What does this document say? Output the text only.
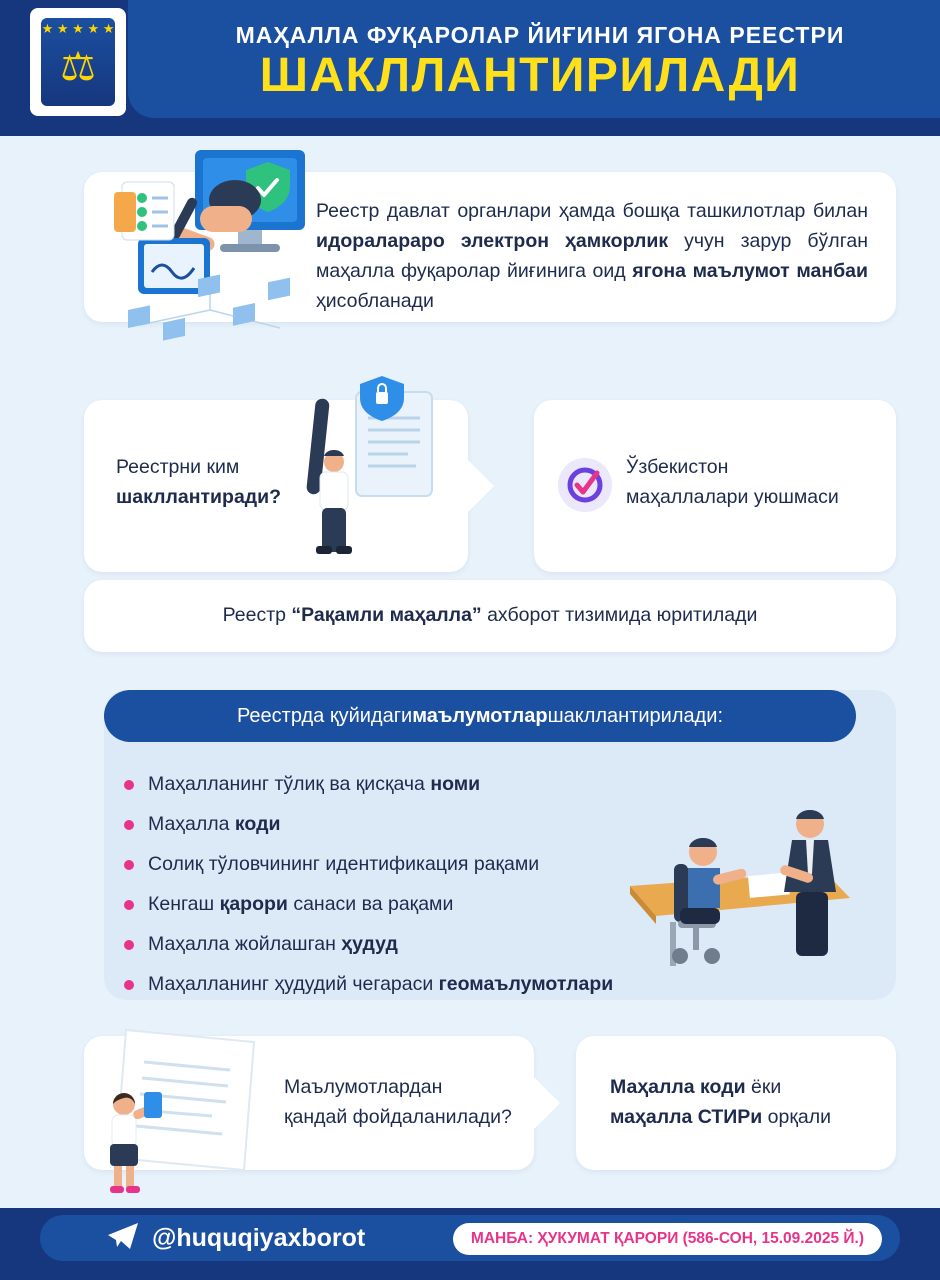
МАҲАЛЛА ФУҚАРОЛАР ЙИҒИНИ ЯГОНА РЕЕСТРИ
ШАКЛЛАНТИРИЛАДИ
★ ★ ★ ★ ★
⚖
Реестр давлат органлари ҳамда бошқа ташкилотлар билан идоралараро электрон ҳамкорлик учун зарур бўлган маҳалла фуқаролар йиғинига оид ягона маълумот манбаи ҳисобланади
Реестрни ким
шакллантиради?
Ўзбекистон
маҳаллалари уюшмаси
Реестр “Рақамли маҳалла” ахборот тизимида юритилади
Реестрда қуйидаги маълумотлар шакллантирилади:
Маҳалланинг тўлиқ ва қисқача номи
Маҳалла коди
Солиқ тўловчининг идентификация рақами
Кенгаш қарори санаси ва рақами
Маҳалла жойлашган ҳудуд
Маҳалланинг ҳудудий чегараси геомаълумотлари
Маълумотлардан
қандай фойдаланилади?
Маҳалла коди ёки
маҳалла СТИРи орқали
@huquqiyaxborot	МАНБА: ҲУКУМАТ ҚАРОРИ (586-СОН, 15.09.2025 Й.)
